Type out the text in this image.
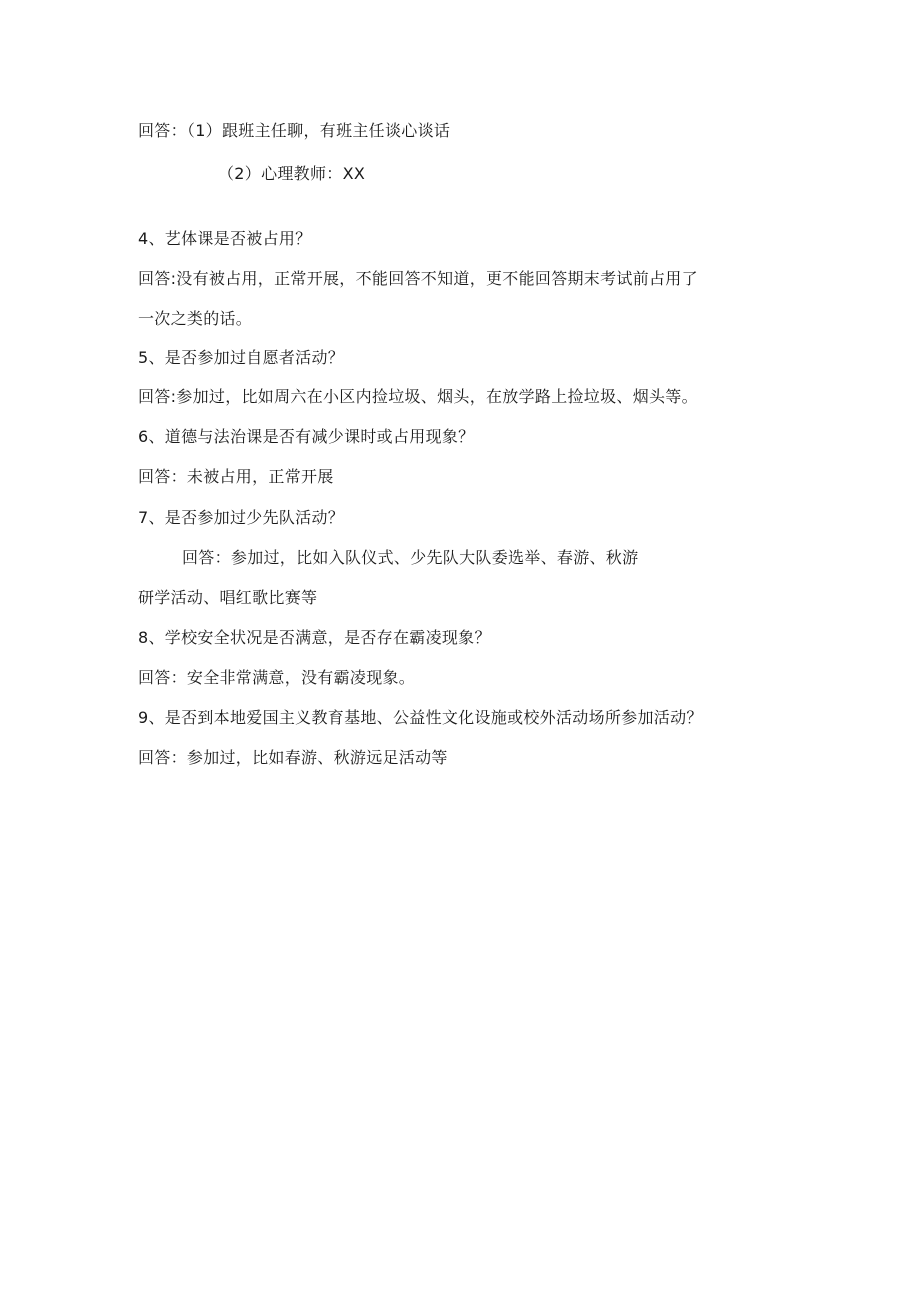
回答：（1）跟班主任聊，有班主任谈心谈话
（2）心理教师：XX
4、艺体课是否被占用？
回答:没有被占用，正常开展，不能回答不知道，更不能回答期末考试前占用了
一次之类的话。
5、是否参加过自愿者活动？
回答:参加过，比如周六在小区内捡垃圾、烟头，在放学路上捡垃圾、烟头等。
6、道德与法治课是否有减少课时或占用现象？
回答：未被占用，正常开展
7、是否参加过少先队活动？
回答：参加过，比如入队仪式、少先队大队委选举、春游、秋游
研学活动、唱红歌比赛等
8、学校安全状况是否满意，是否存在霸凌现象？
回答：安全非常满意，没有霸凌现象。
9、是否到本地爱国主义教育基地、公益性文化设施或校外活动场所参加活动？
回答：参加过，比如春游、秋游远足活动等
